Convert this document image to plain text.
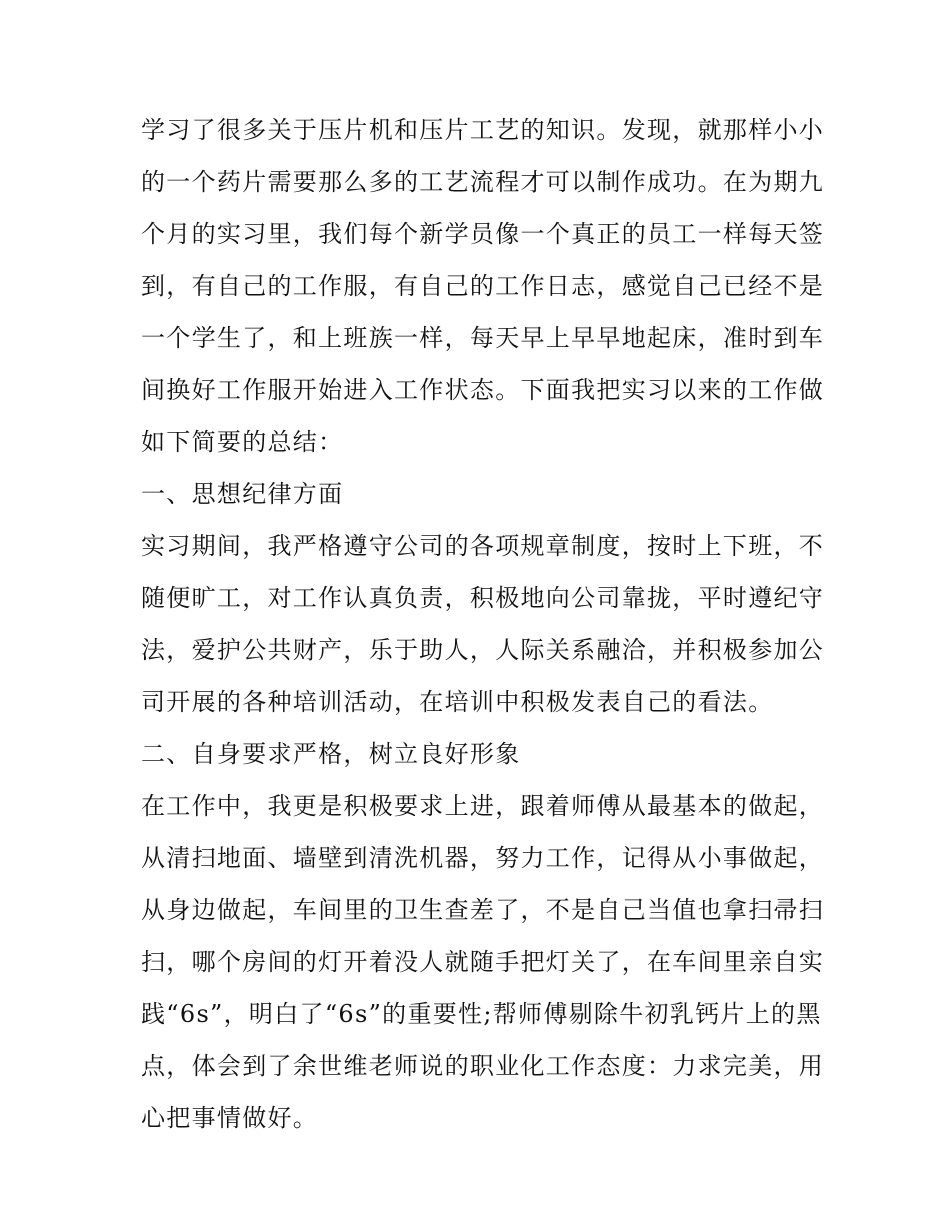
学习了很多关于压片机和压片工艺的知识。发现，就那样小小
的一个药片需要那么多的工艺流程才可以制作成功。在为期九
个月的实习里，我们每个新学员像一个真正的员工一样每天签
到，有自己的工作服，有自己的工作日志，感觉自己已经不是
一个学生了，和上班族一样，每天早上早早地起床，准时到车
间换好工作服开始进入工作状态。下面我把实习以来的工作做
如下简要的总结：
一、思想纪律方面
实习期间，我严格遵守公司的各项规章制度，按时上下班，不
随便旷工，对工作认真负责，积极地向公司靠拢，平时遵纪守
法，爱护公共财产，乐于助人，人际关系融洽，并积极参加公
司开展的各种培训活动，在培训中积极发表自己的看法。
二、自身要求严格，树立良好形象
在工作中，我更是积极要求上进，跟着师傅从最基本的做起，
从清扫地面、墙壁到清洗机器，努力工作，记得从小事做起，
从身边做起，车间里的卫生查差了，不是自己当值也拿扫帚扫
扫，哪个房间的灯开着没人就随手把灯关了，在车间里亲自实
践“6s”，明白了“6s”的重要性;帮师傅剔除牛初乳钙片上的黑
点，体会到了余世维老师说的职业化工作态度：力求完美，用
心把事情做好。
